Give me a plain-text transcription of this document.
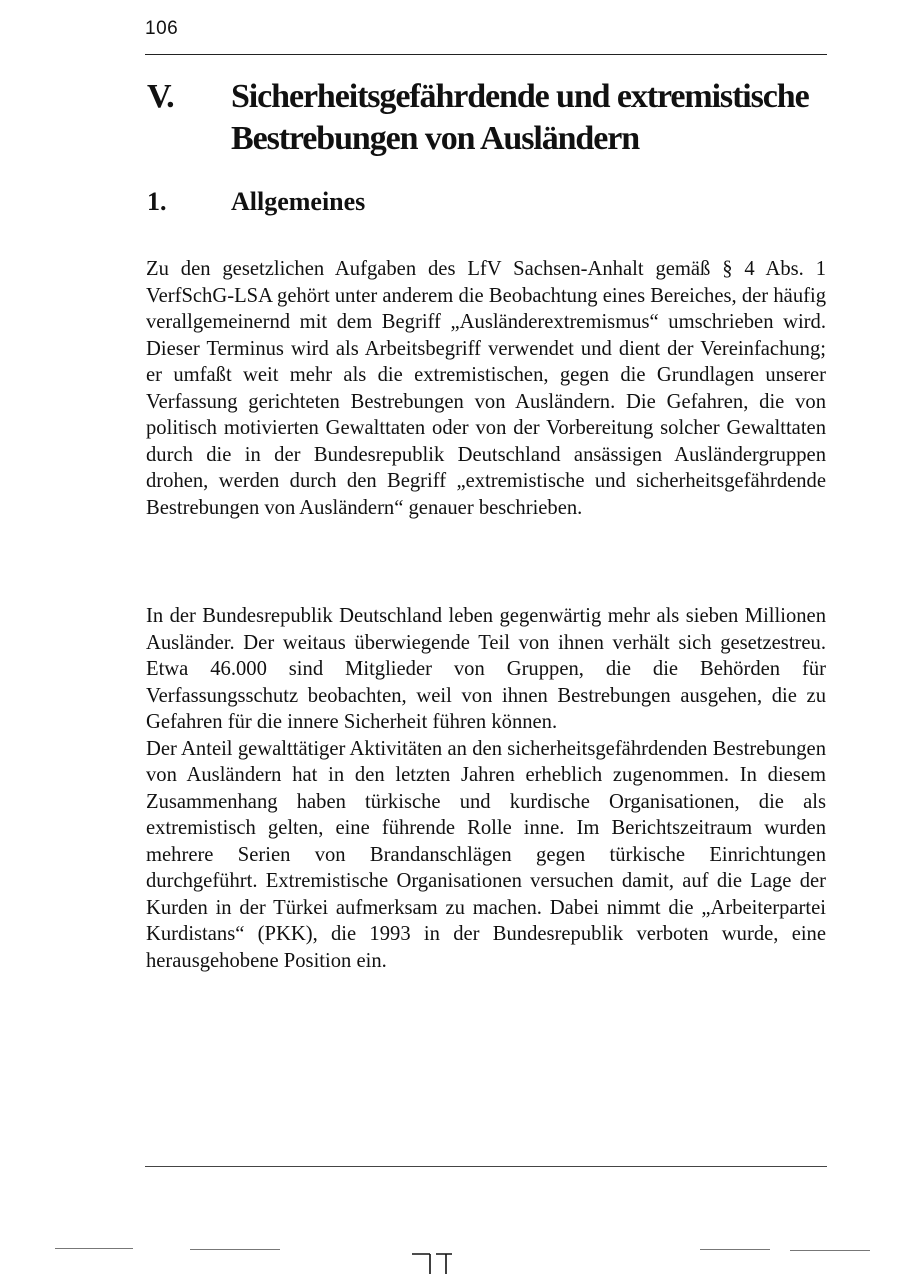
106
V. Sicherheitsgefährdende und extremistische Bestrebungen von Ausländern
1. Allgemeines

Zu den gesetzlichen Aufgaben des LfV Sachsen-Anhalt gemäß § 4 Abs. 1 VerfSchG-LSA gehört unter anderem die Beobachtung eines Bereiches, der häufig verallgemeinernd mit dem Begriff „Ausländerextremismus“ umschrieben wird. Dieser Terminus wird als Arbeitsbegriff verwendet und dient der Vereinfachung; er umfaßt weit mehr als die extremistischen, gegen die Grundlagen unserer Verfassung gerichteten Bestrebungen von Ausländern. Die Gefahren, die von politisch motivierten Gewalttaten oder von der Vorbereitung solcher Gewalttaten durch die in der Bundesrepublik Deutschland ansässigen Ausländergruppen drohen, werden durch den Begriff „extremistische und sicherheitsgefährdende Bestrebungen von Ausländern“ genauer beschrieben.

In der Bundesrepublik Deutschland leben gegenwärtig mehr als sieben Millionen Ausländer. Der weitaus überwiegende Teil von ihnen verhält sich gesetzestreu. Etwa 46.000 sind Mitglieder von Gruppen, die die Behörden für Verfassungsschutz beobachten, weil von ihnen Bestrebungen ausgehen, die zu Gefahren für die innere Sicherheit führen können.

Der Anteil gewalttätiger Aktivitäten an den sicherheitsgefährdenden Bestrebungen von Ausländern hat in den letzten Jahren erheblich zugenommen. In diesem Zusammenhang haben türkische und kurdische Organisationen, die als extremistisch gelten, eine führende Rolle inne. Im Berichtszeitraum wurden mehrere Serien von Brandanschlägen gegen türkische Einrichtungen durchgeführt. Extremistische Organisationen versuchen damit, auf die Lage der Kurden in der Türkei aufmerksam zu machen. Dabei nimmt die „Arbeiterpartei Kurdistans“ (PKK), die 1993 in der Bundesrepublik verboten wurde, eine herausgehobene Position ein.
